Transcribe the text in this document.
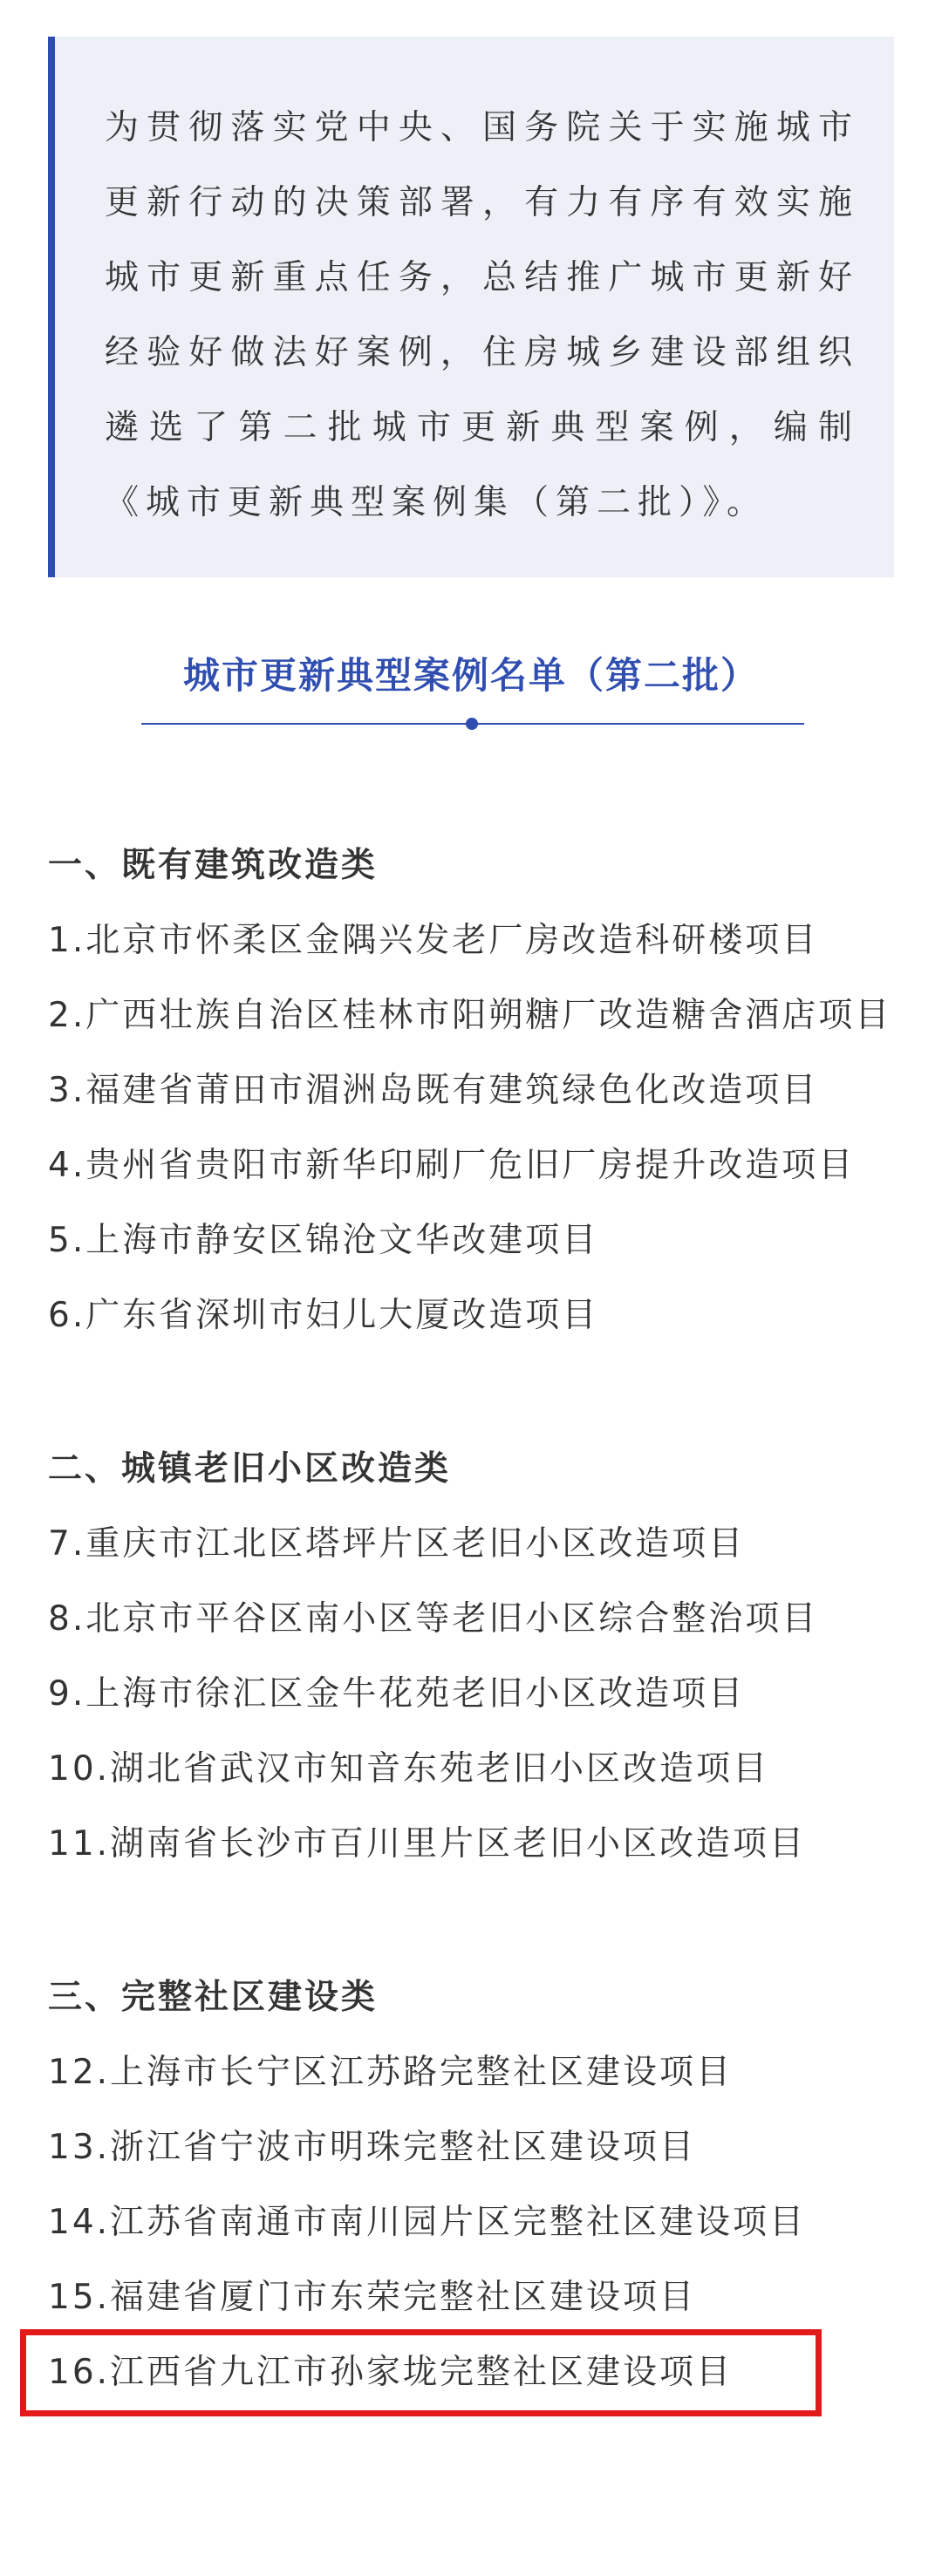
为贯彻落实党中央、国务院关于实施城市更新行动的决策部署，有力有序有效实施城市更新重点任务，总结推广城市更新好经验好做法好案例，住房城乡建设部组织遴选了第二批城市更新典型案例，编制《城市更新典型案例集（第二批）》。

城市更新典型案例名单（第二批）
一、既有建筑改造类
1.北京市怀柔区金隅兴发老厂房改造科研楼项目
2.广西壮族自治区桂林市阳朔糖厂改造糖舍酒店项目
3.福建省莆田市湄洲岛既有建筑绿色化改造项目
4.贵州省贵阳市新华印刷厂危旧厂房提升改造项目
5.上海市静安区锦沧文华改建项目
6.广东省深圳市妇儿大厦改造项目
二、城镇老旧小区改造类
7.重庆市江北区塔坪片区老旧小区改造项目
8.北京市平谷区南小区等老旧小区综合整治项目
9.上海市徐汇区金牛花苑老旧小区改造项目
10.湖北省武汉市知音东苑老旧小区改造项目
11.湖南省长沙市百川里片区老旧小区改造项目
三、完整社区建设类
12.上海市长宁区江苏路完整社区建设项目
13.浙江省宁波市明珠完整社区建设项目
14.江苏省南通市南川园片区完整社区建设项目
15.福建省厦门市东荣完整社区建设项目
16.江西省九江市孙家垅完整社区建设项目
